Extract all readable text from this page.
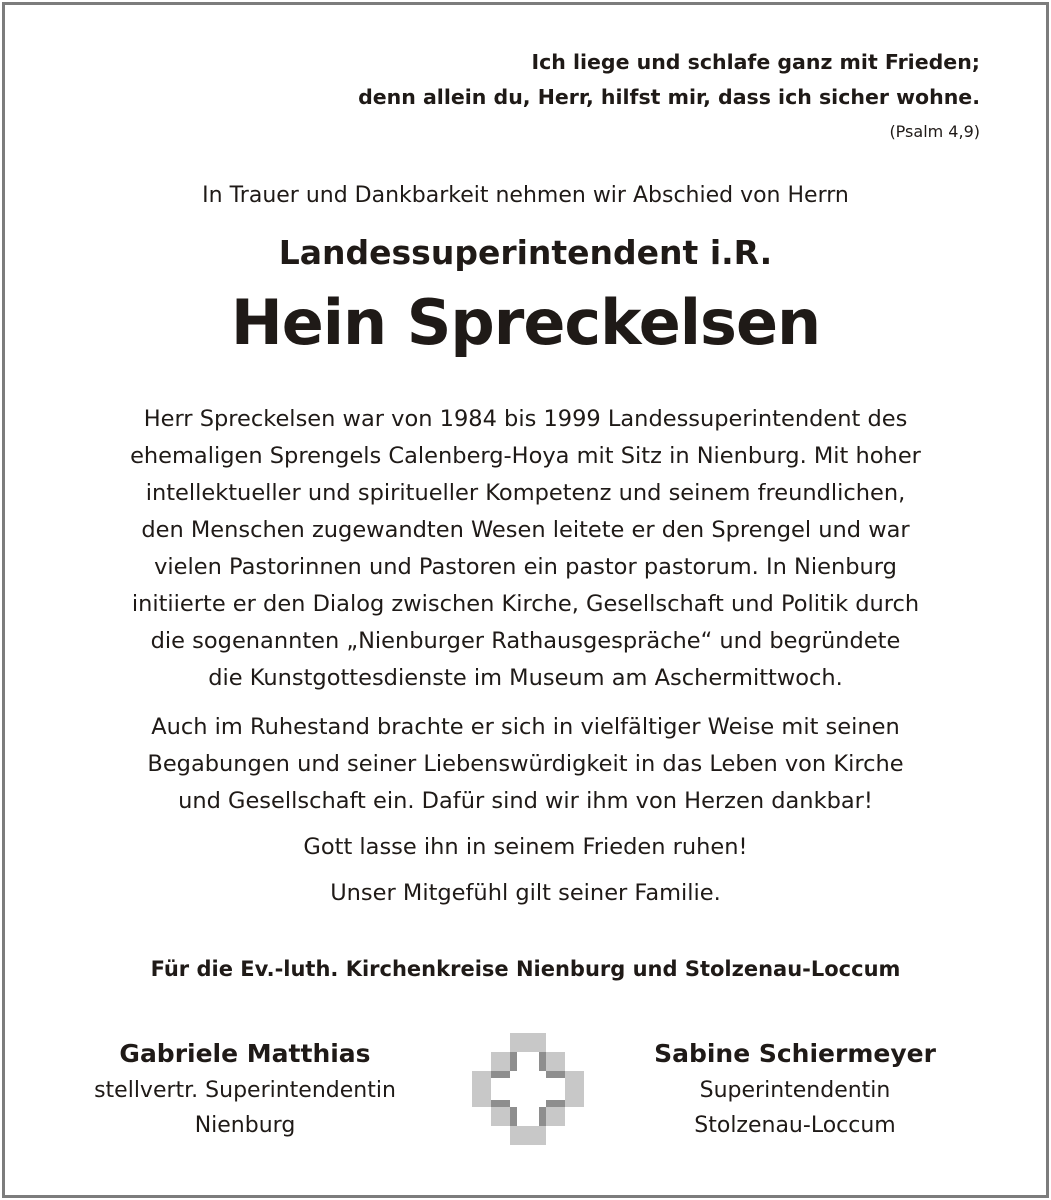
Ich liege und schlafe ganz mit Frieden;
denn allein du, Herr, hilfst mir, dass ich sicher wohne.
(Psalm 4,9)
In Trauer und Dankbarkeit nehmen wir Abschied von Herrn
Landessuperintendent i.R.
Hein Spreckelsen

Herr Spreckelsen war von 1984 bis 1999 Landessuperintendent des
ehemaligen Sprengels Calenberg-Hoya mit Sitz in Nienburg. Mit hoher
intellektueller und spiritueller Kompetenz und seinem freundlichen,
den Menschen zugewandten Wesen leitete er den Sprengel und war
vielen Pastorinnen und Pastoren ein pastor pastorum. In Nienburg
initiierte er den Dialog zwischen Kirche, Gesellschaft und Politik durch
die sogenannten „Nienburger Rathausgespräche“ und begründete
die Kunstgottesdienste im Museum am Aschermittwoch.

Auch im Ruhestand brachte er sich in vielfältiger Weise mit seinen
Begabungen und seiner Liebenswürdigkeit in das Leben von Kirche
und Gesellschaft ein. Dafür sind wir ihm von Herzen dankbar!

Gott lasse ihn in seinem Frieden ruhen!

Unser Mitgefühl gilt seiner Familie.

Für die Ev.-luth. Kirchenkreise Nienburg und Stolzenau-Loccum
Gabriele Matthias
stellvertr. Superintendentin
Nienburg
Sabine Schiermeyer
Superintendentin
Stolzenau-Loccum
